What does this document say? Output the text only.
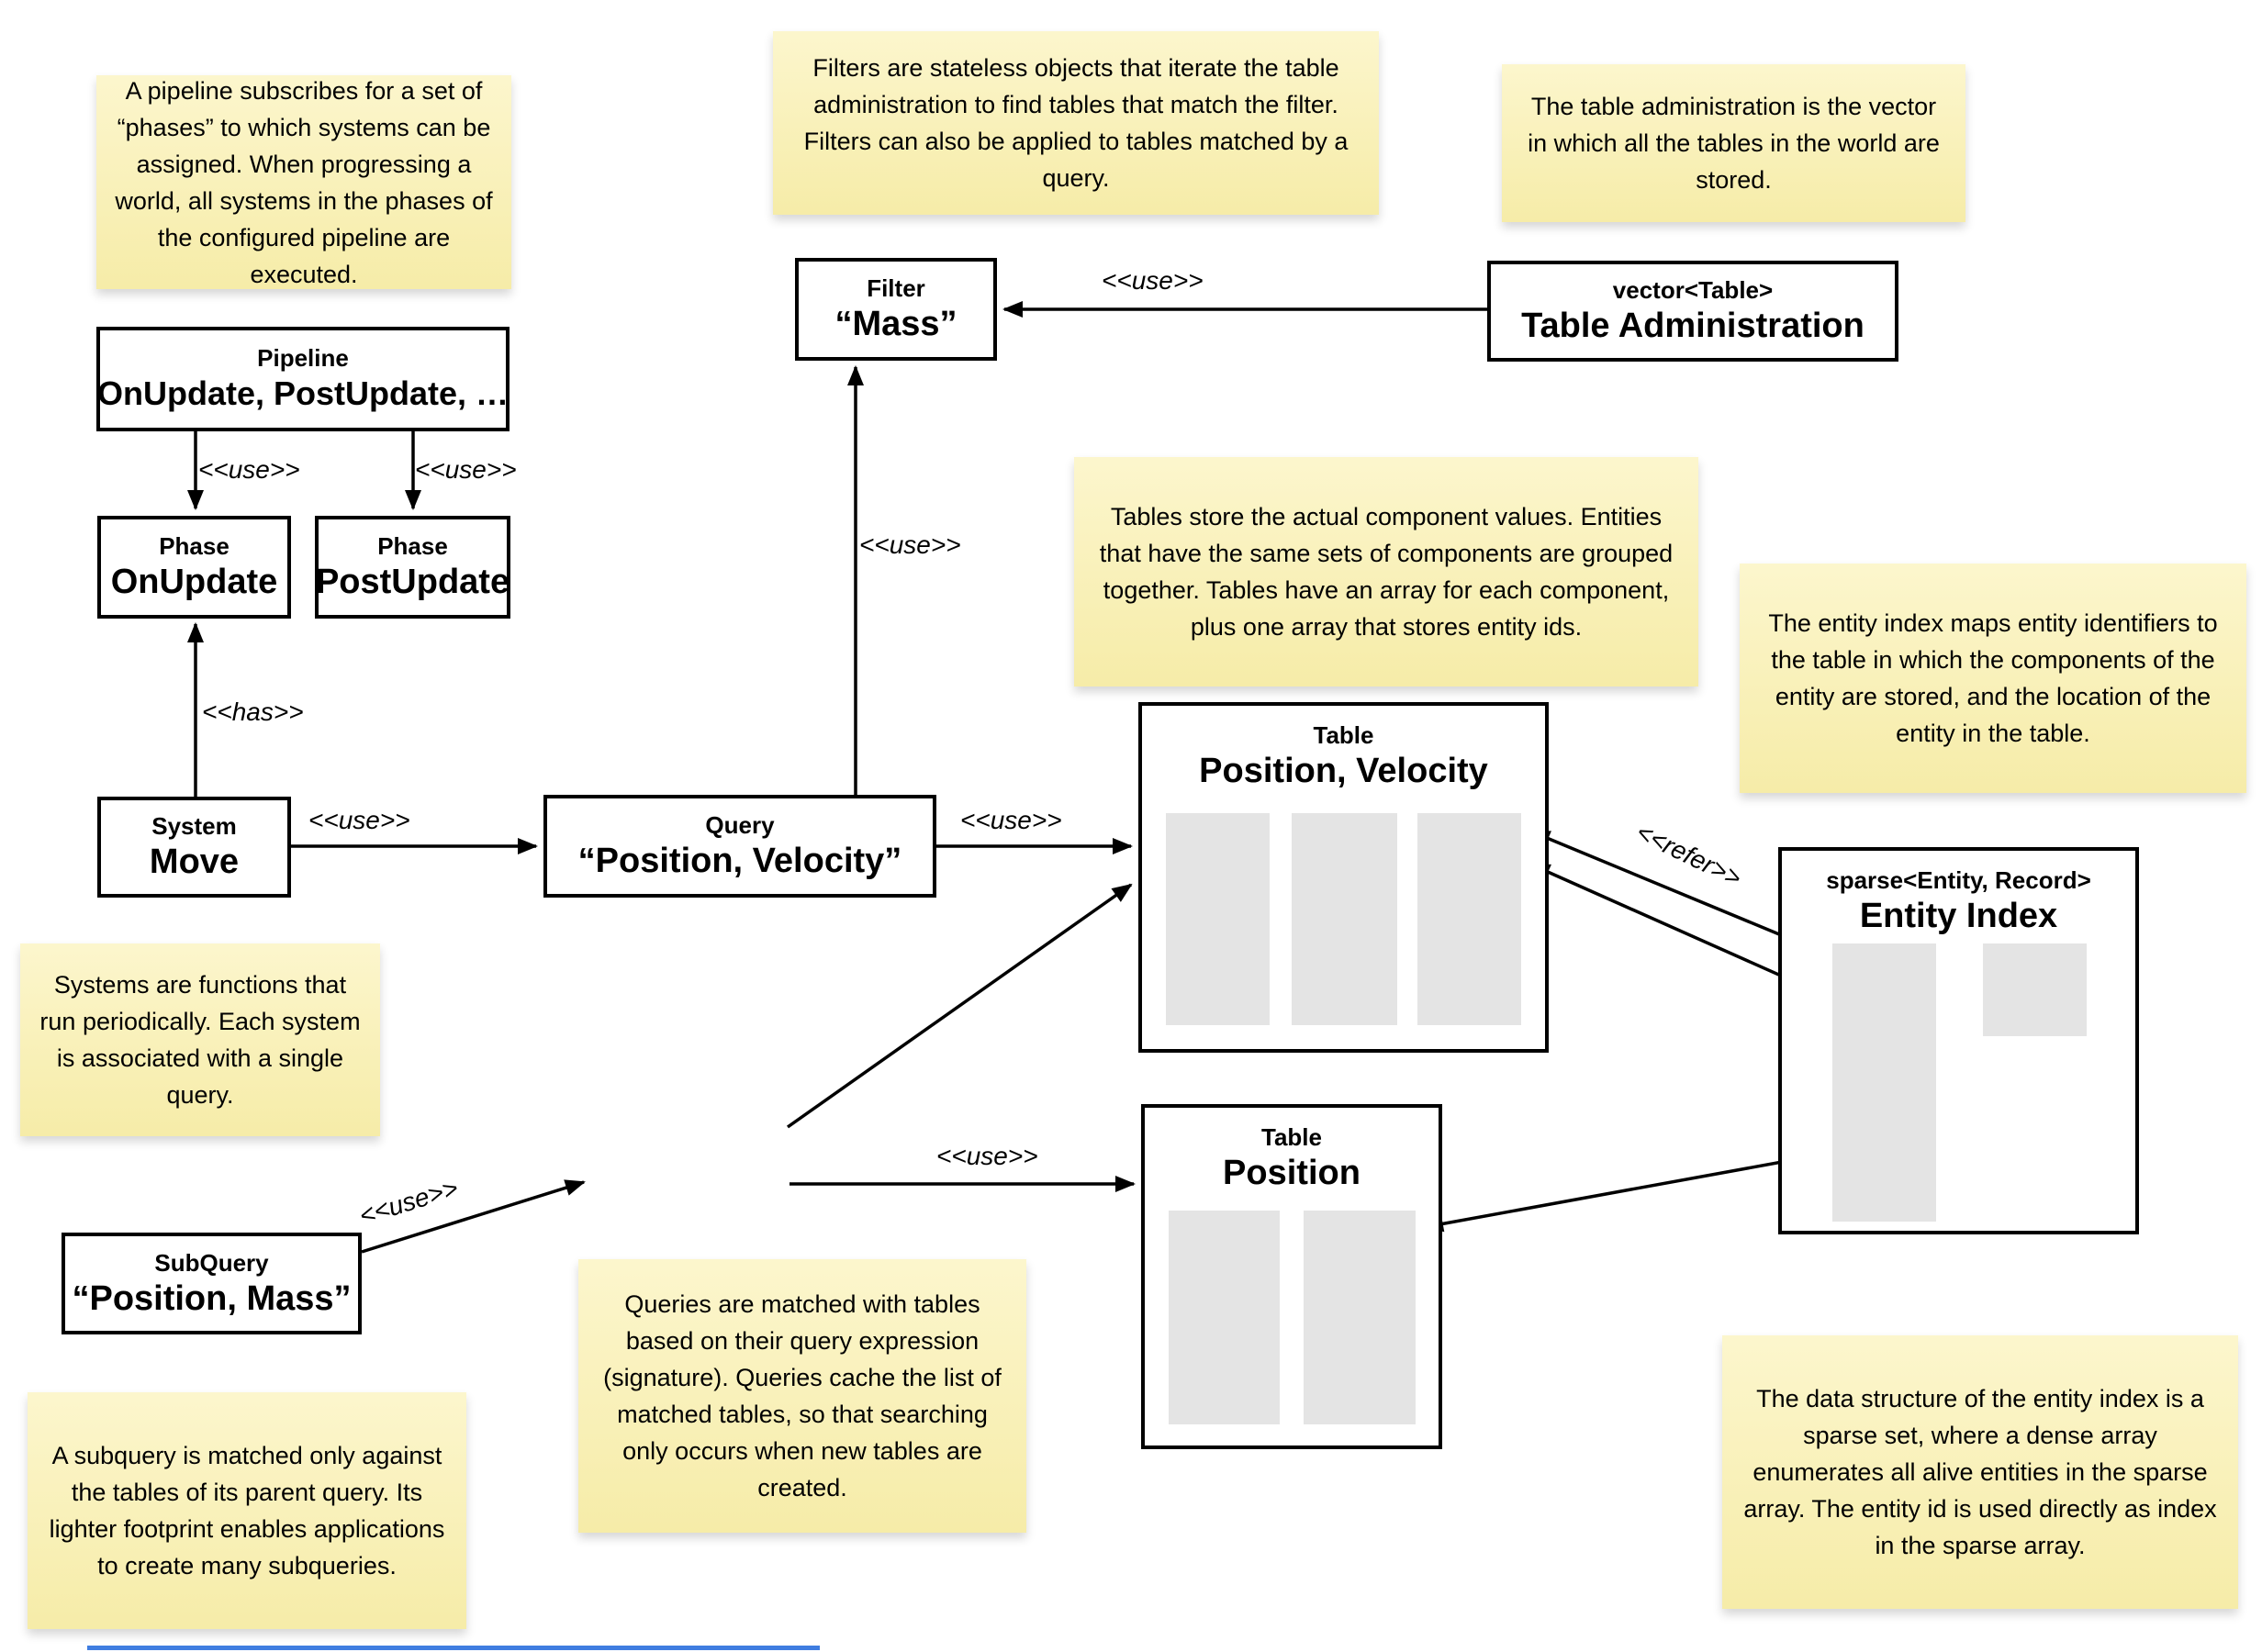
A pipeline subscribes for a set of “phases” to which systems can be assigned. When progressing a world, all systems in the phases of the configured pipeline are executed.
Filters are stateless objects that iterate the table administration to find tables that match the filter. Filters can also be applied to tables matched by a query.
The table administration is the vector in which all the tables in the world are stored.
Tables store the actual component values. Entities that have the same sets of components are grouped together. Tables have an array for each component, plus one array that stores entity ids.	The entity index maps entity identifiers to the table in which the components of the entity are stored, and the location of the entity in the table.
Systems are functions that run periodically. Each system is associated with a single query.
Queries are matched with tables based on their query expression (signature). Queries cache the list of matched tables, so that searching only occurs when new tables are created.
A subquery is matched only against the tables of its parent query. Its lighter footprint enables applications to create many subqueries.
The data structure of the entity index is a sparse set, where a dense array enumerates all alive entities in the sparse array. The entity id is used directly as index in the sparse array.
Pipeline
OnUpdate, PostUpdate, …
Phase
OnUpdate
Phase
PostUpdate
System
Move
Query
“Position, Velocity”
Filter
“Mass”
vector<Table>
Table Administration
Table
Position, Velocity
Table
Position
sparse<Entity, Record>
Entity Index
SubQuery
“Position, Mass”
<<use>>	<<use>>
<<has>>
<<use>>
<<use>>
<<use>>
<<use>>
<<use>>
<<use>>
<<refer>>
